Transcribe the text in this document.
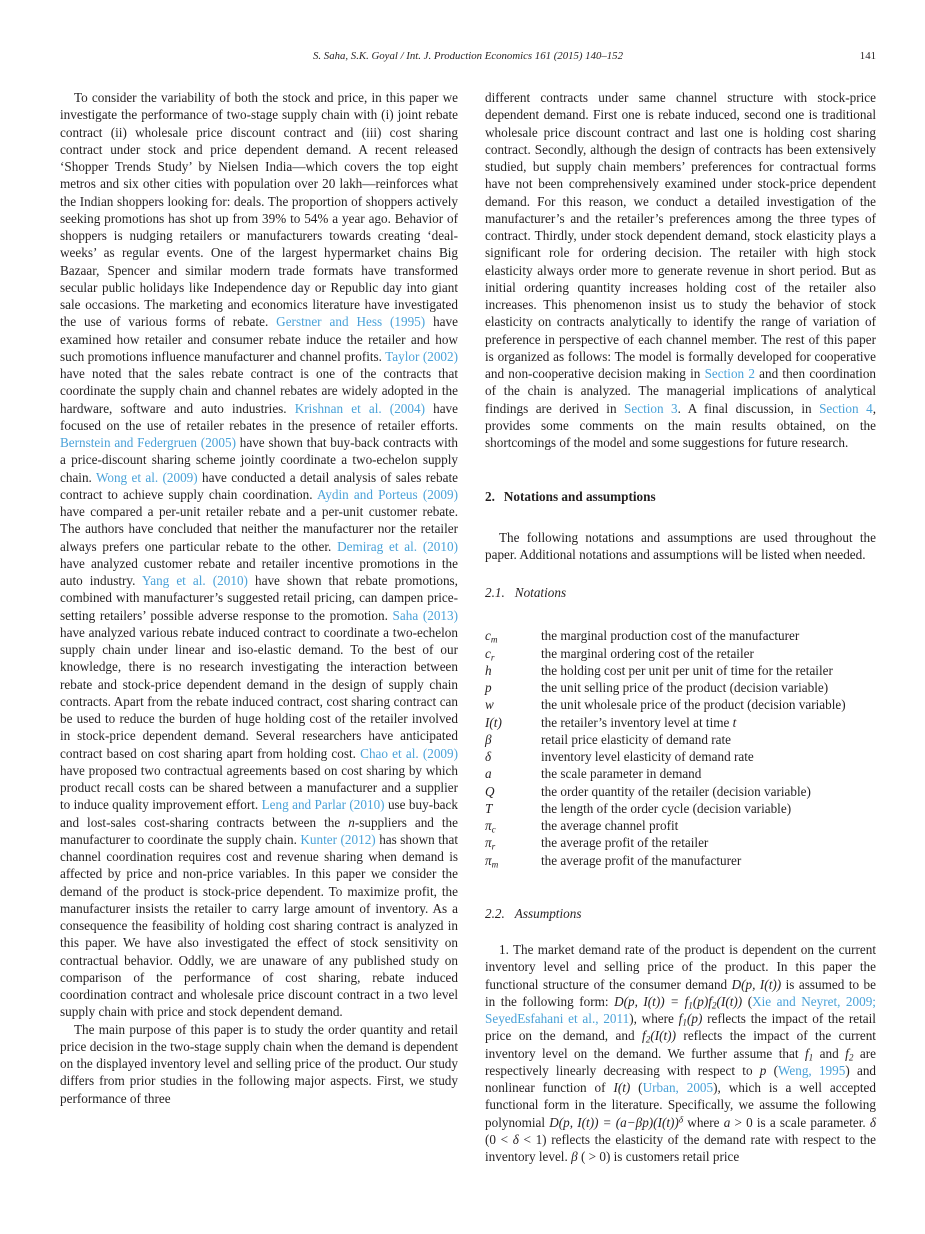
S. Saha, S.K. Goyal / Int. J. Production Economics 161 (2015) 140–152	141

To consider the variability of both the stock and price, in this paper we investigate the performance of two-stage supply chain with (i) joint rebate contract (ii) wholesale price discount contract and (iii) cost sharing contract under stock and price dependent demand. A recent released ‘Shopper Trends Study’ by Nielsen India—which covers the top eight metros and six other cities with population over 20 lakh—reinforces what the Indian shoppers looking for: deals. The proportion of shoppers actively seeking promotions has shot up from 39% to 54% a year ago. Behavior of shoppers is nudging retailers or manufacturers towards creating ‘deal-weeks’ as regular events. One of the largest hypermarket chains Big Bazaar, Spencer and similar modern trade formats have transformed secular public holidays like Independence day or Republic day into giant sale occasions. The marketing and economics literature have investigated the use of various forms of rebate. Gerstner and Hess (1995) have examined how retailer and consumer rebate induce the retailer and how such promotions influence manufacturer and channel profits. Taylor (2002) have noted that the sales rebate contract is one of the contracts that coordinate the supply chain and channel rebates are widely adopted in the hardware, software and auto industries. Krishnan et al. (2004) have focused on the use of retailer rebates in the presence of retailer efforts. Bernstein and Federgruen (2005) have shown that buy-back contracts with a price-discount sharing scheme jointly coordinate a two-echelon supply chain. Wong et al. (2009) have conducted a detail analysis of sales rebate contract to achieve supply chain coordination. Aydin and Porteus (2009) have compared a per-unit retailer rebate and a per-unit customer rebate. The authors have concluded that neither the manufacturer nor the retailer always prefers one particular rebate to the other. Demirag et al. (2010) have analyzed customer rebate and retailer incentive promotions in the auto industry. Yang et al. (2010) have shown that rebate promotions, combined with manufacturer’s suggested retail pricing, can dampen price-setting retailers’ possible adverse response to the promotion. Saha (2013) have analyzed various rebate induced contract to coordinate a two-echelon supply chain under linear and iso-elastic demand. To the best of our knowledge, there is no research investigating the interaction between rebate and stock-price dependent demand in the design of supply chain contracts. Apart from the rebate induced contract, cost sharing contract can be used to reduce the burden of huge holding cost of the retailer involved in stock-price dependent demand. Several researchers have anticipated contract based on cost sharing apart from holding cost. Chao et al. (2009) have proposed two contractual agreements based on cost sharing by which product recall costs can be shared between a manufacturer and a supplier to induce quality improvement effort. Leng and Parlar (2010) use buy-back and lost-sales cost-sharing contracts between the n-suppliers and the manufacturer to coordinate the supply chain. Kunter (2012) has shown that channel coordination requires cost and revenue sharing when demand is affected by price and non-price variables. In this paper we consider the demand of the product is stock-price dependent. To maximize profit, the manufacturer insists the retailer to carry large amount of inventory. As a consequence the feasibility of holding cost sharing contract is analyzed in this paper. We have also investigated the effect of stock sensitivity on contractual behavior. Oddly, we are unaware of any published study on comparison of the performance of cost sharing, rebate induced coordination contract and wholesale price discount contract in a two level supply chain with price and stock dependent demand.

The main purpose of this paper is to study the order quantity and retail price decision in the two-stage supply chain when the demand is dependent on the displayed inventory level and selling price of the product. Our study differs from prior studies in the following major aspects. First, we study performance of three

different contracts under same channel structure with stock-price dependent demand. First one is rebate induced, second one is traditional wholesale price discount contract and last one is holding cost sharing contract. Secondly, although the design of contracts has been extensively studied, but supply chain members’ preferences for contractual forms have not been comprehensively examined under stock-price dependent demand. For this reason, we conduct a detailed investigation of the manufacturer’s and the retailer’s preferences among the three types of contract. Thirdly, under stock dependent demand, stock elasticity plays a significant role for ordering decision. The retailer with high stock elasticity always order more to generate revenue in short period. But as initial ordering quantity increases holding cost of the retailer also increases. This phenomenon insist us to study the behavior of stock elasticity on contracts analytically to identify the range of variation of preference in perspective of each channel member. The rest of this paper is organized as follows: The model is formally developed for cooperative and non-cooperative decision making in Section 2 and then coordination of the chain is analyzed. The managerial implications of analytical findings are derived in Section 3. A final discussion, in Section 4, provides some comments on the main results obtained, on the shortcomings of the model and some suggestions for future research.

2. Notations and assumptions

The following notations and assumptions are used throughout the paper. Additional notations and assumptions will be listed when needed.

2.1. Notations
$c_m$	the marginal production cost of the manufacturer
$c_r$	the marginal ordering cost of the retailer
h	the holding cost per unit per unit of time for the retailer
p	the unit selling price of the product (decision variable)
w	the unit wholesale price of the product (decision variable)
I(t)	the retailer’s inventory level at time t
β	retail price elasticity of demand rate
δ	inventory level elasticity of demand rate
a	the scale parameter in demand
Q	the order quantity of the retailer (decision variable)
T	the length of the order cycle (decision variable)
$\pi_c$	the average channel profit
$\pi_r$	the average profit of the retailer
$\pi_m$	the average profit of the manufacturer
2.2. Assumptions

1. The market demand rate of the product is dependent on the current inventory level and selling price of the product. In this paper the functional structure of the consumer demand D(p, I(t)) is assumed to be in the following form: D(p, $I(t)) = f_1(p)f_2(I(t))$ (Xie and Neyret, 2009; SeyedEsfahani et al., 2011), where $f_1(p)$ reflects the impact of the retail price on the demand, and $f_2(I(t))$ reflects the impact of the current inventory level on the demand. We further assume that $f_1$ and $f_2$ are respectively linearly decreasing with respect to p (Weng, 1995) and nonlinear function of I(t) (Urban, 2005), which is a well accepted functional form in the literature. Specifically, we assume the following polynomial D(p, $I(t)) = (a-\beta p)(I(t))^\delta$ where a > 0 is a scale parameter. δ (0 < δ < 1) reflects the elasticity of the demand rate with respect to the inventory level. β ( > 0) is customers retail price
